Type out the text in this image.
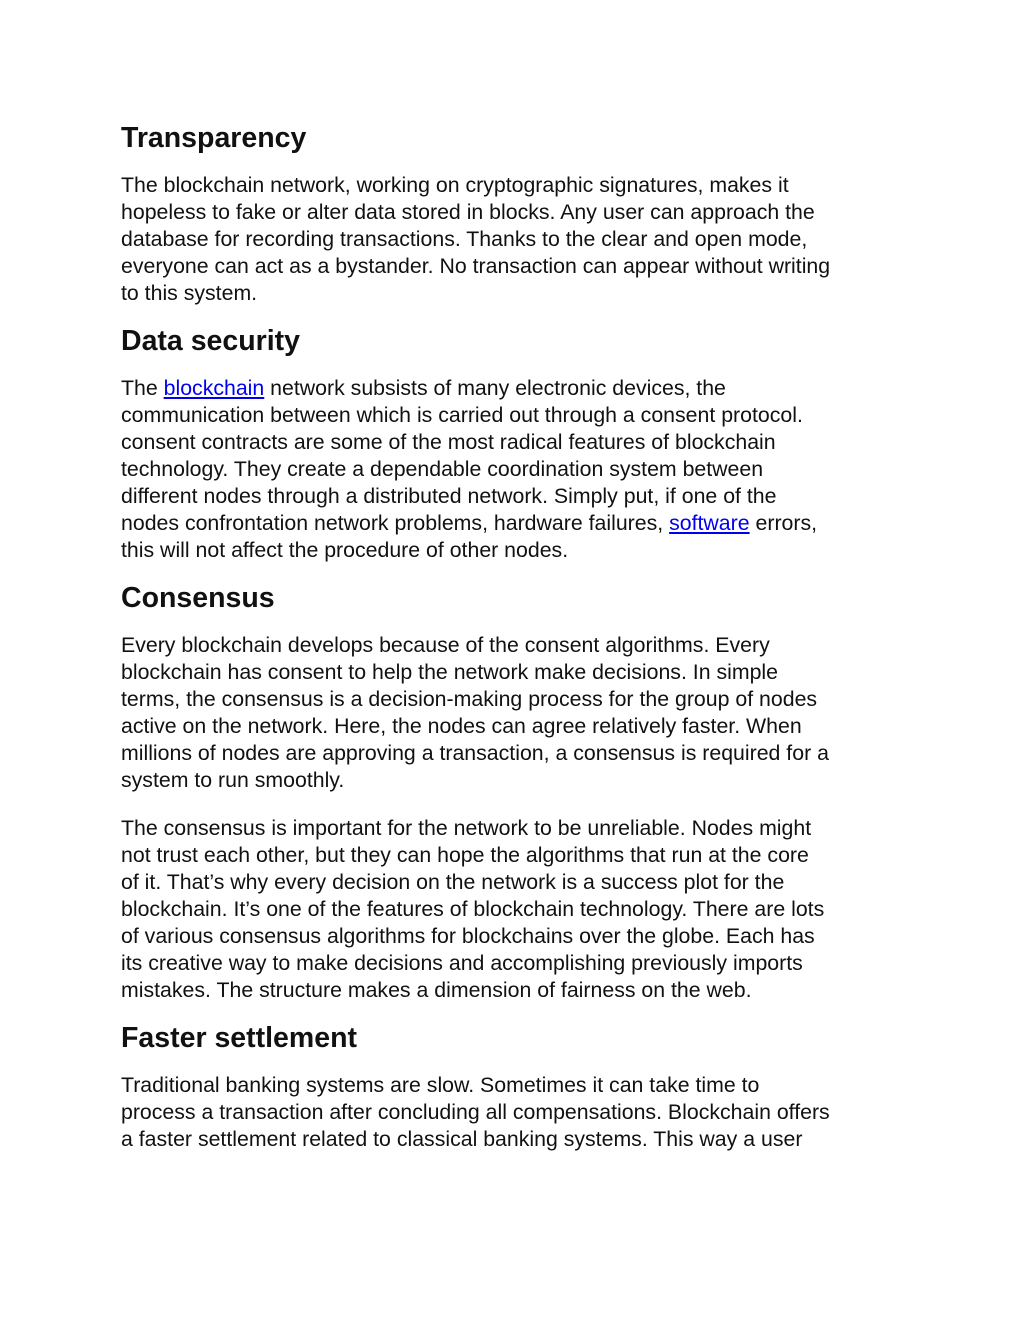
Transparency

The blockchain network, working on cryptographic signatures, makes it
hopeless to fake or alter data stored in blocks. Any user can approach the
database for recording transactions. Thanks to the clear and open mode,
everyone can act as a bystander. No transaction can appear without writing
to this system.

Data security

The blockchain network subsists of many electronic devices, the
communication between which is carried out through a consent protocol.
consent contracts are some of the most radical features of blockchain
technology. They create a dependable coordination system between
different nodes through a distributed network. Simply put, if one of the
nodes confrontation network problems, hardware failures, software errors,
this will not affect the procedure of other nodes.

Consensus

Every blockchain develops because of the consent algorithms. Every
blockchain has consent to help the network make decisions. In simple
terms, the consensus is a decision-making process for the group of nodes
active on the network. Here, the nodes can agree relatively faster. When
millions of nodes are approving a transaction, a consensus is required for a
system to run smoothly.

The consensus is important for the network to be unreliable. Nodes might
not trust each other, but they can hope the algorithms that run at the core
of it. That’s why every decision on the network is a success plot for the
blockchain. It’s one of the features of blockchain technology. There are lots
of various consensus algorithms for blockchains over the globe. Each has
its creative way to make decisions and accomplishing previously imports
mistakes. The structure makes a dimension of fairness on the web.

Faster settlement

Traditional banking systems are slow. Sometimes it can take time to
process a transaction after concluding all compensations. Blockchain offers
a faster settlement related to classical banking systems. This way a user
